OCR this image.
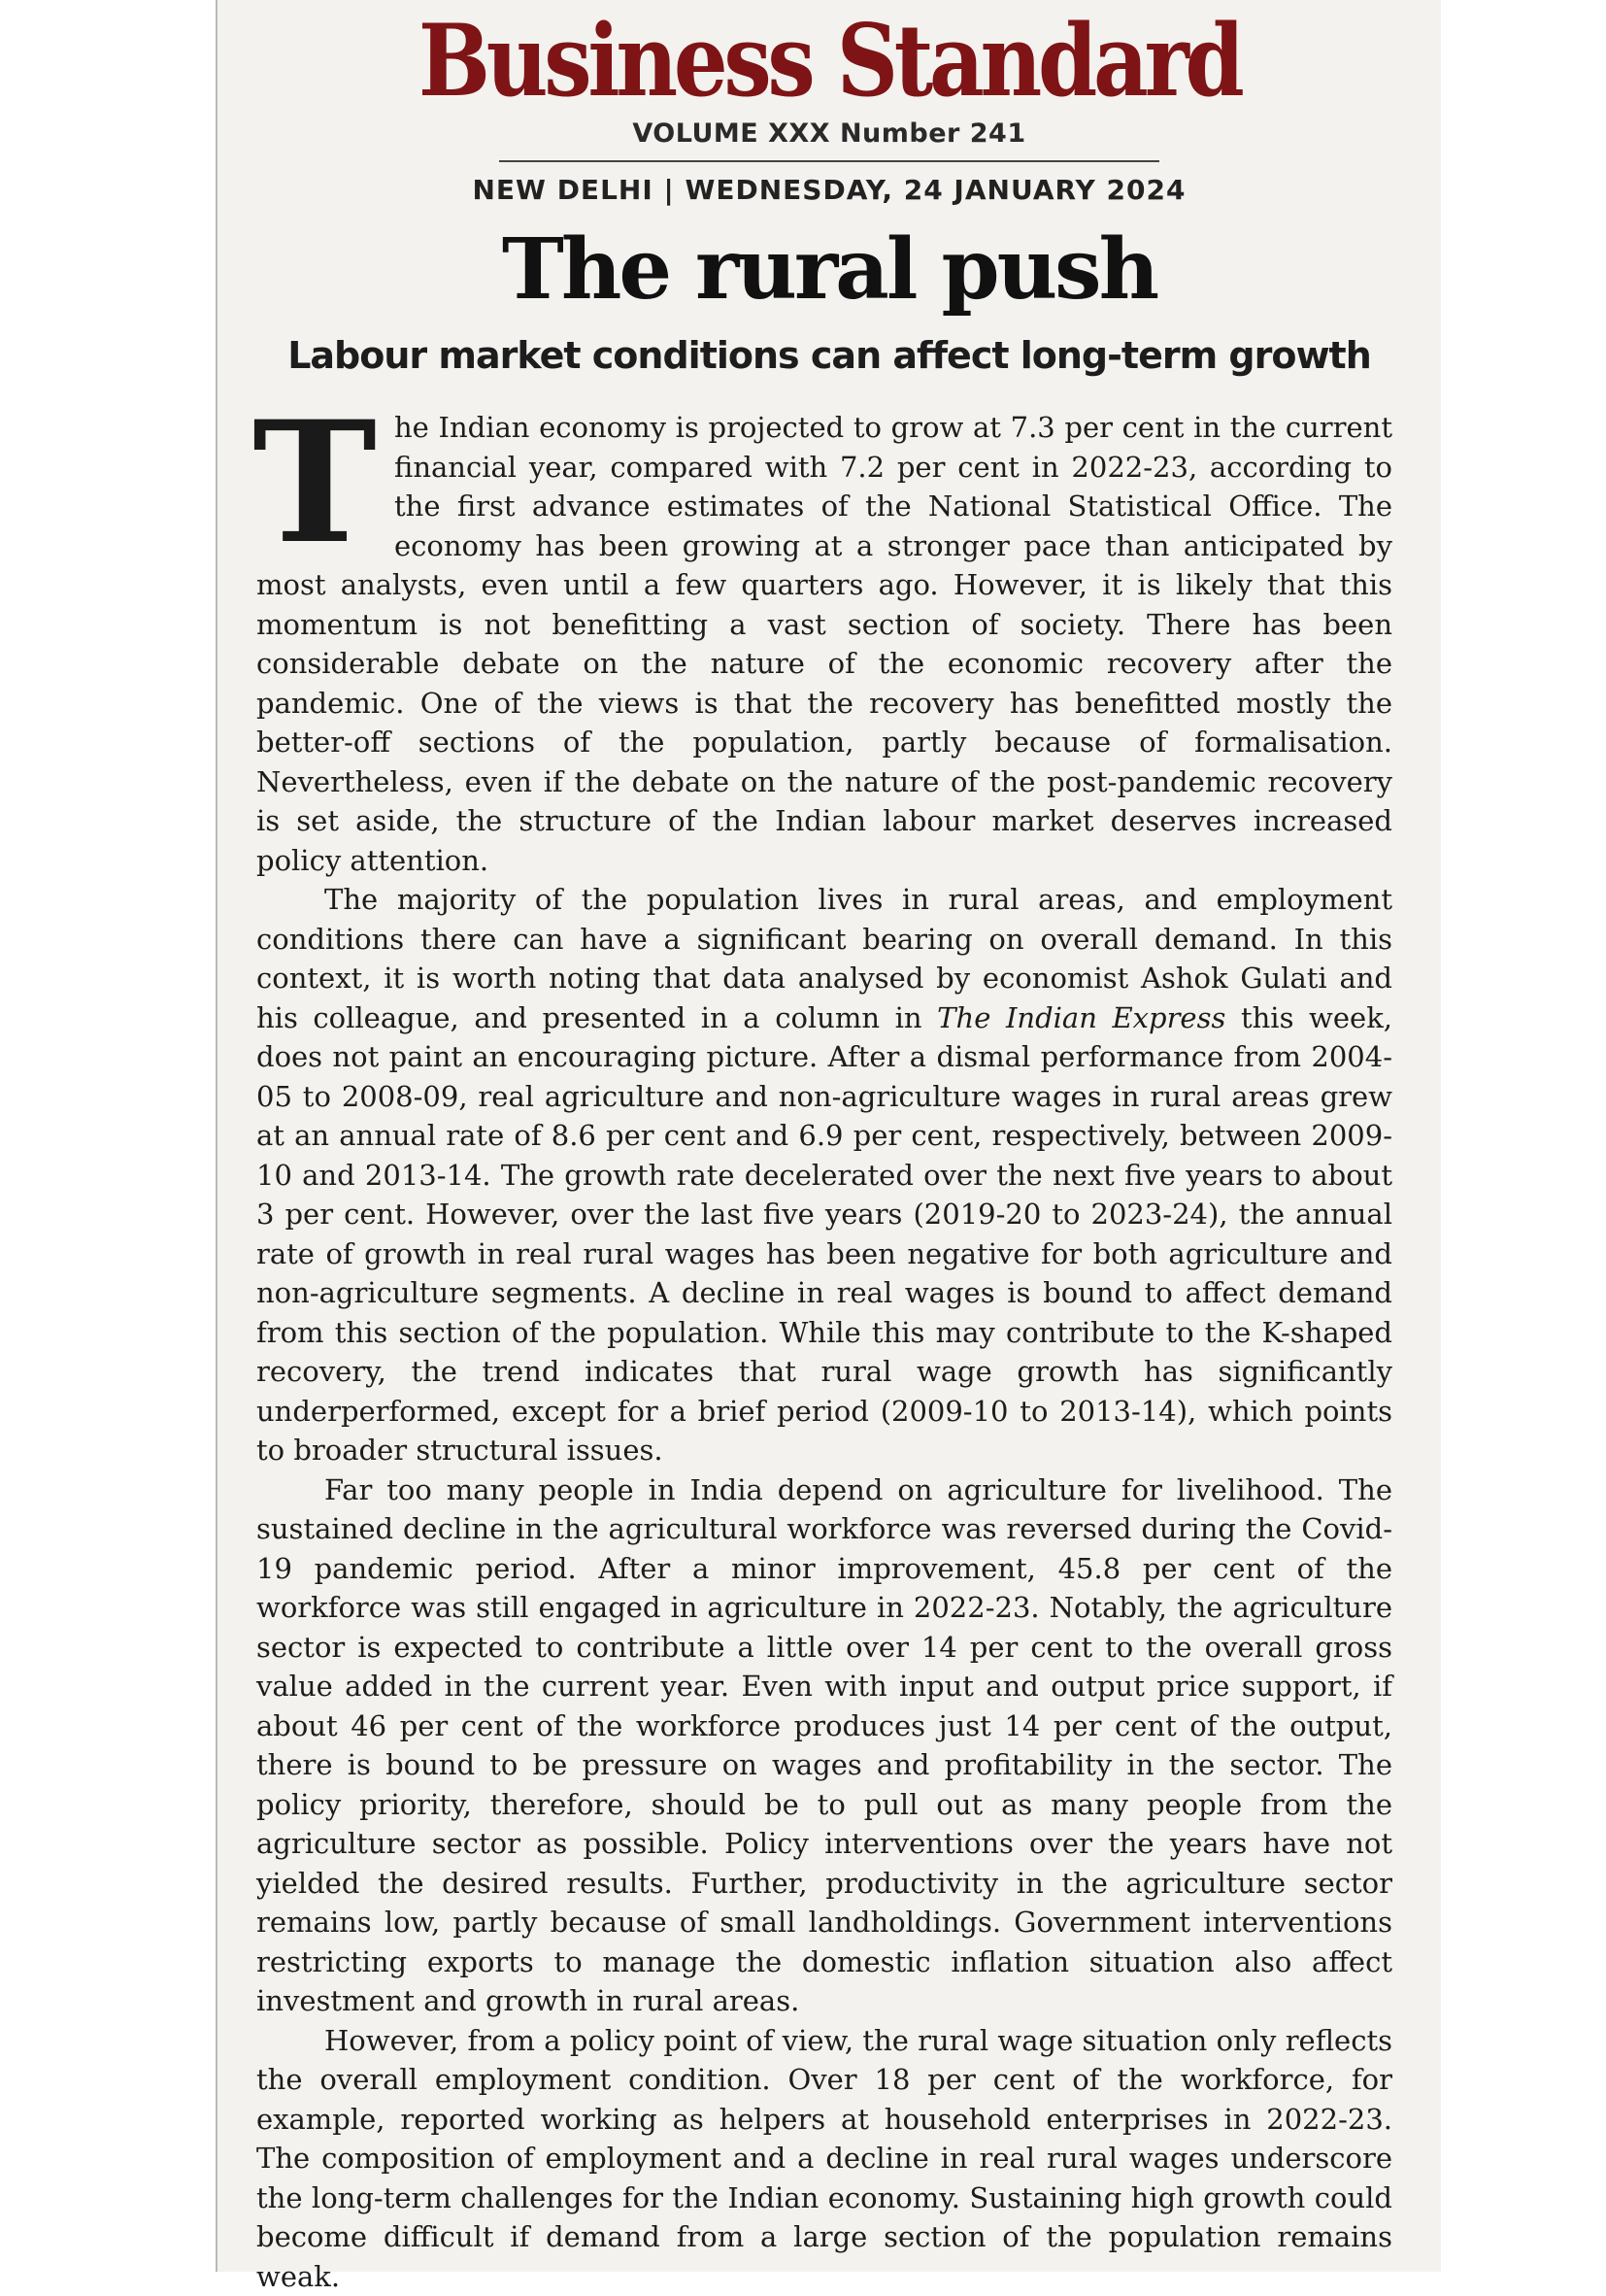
Business Standard
VOLUME XXX Number 241
NEW DELHI | WEDNESDAY, 24 JANUARY 2024
The rural push
Labour market conditions can affect long-term growth

The Indian economy is projected to grow at 7.3 per cent in the current financial year, compared with 7.2 per cent in 2022-23, according to the first advance estimates of the National Statistical Office. The economy has been growing at a stronger pace than anticipated by most analysts, even until a few quarters ago. However, it is likely that this momentum is not benefitting a vast section of society. There has been considerable debate on the nature of the economic recovery after the pandemic. One of the views is that the recovery has benefitted mostly the better-off sections of the population, partly because of formalisation. Nevertheless, even if the debate on the nature of the post-pandemic recovery is set aside, the structure of the Indian labour market deserves increased policy attention.

The majority of the population lives in rural areas, and employment conditions there can have a significant bearing on overall demand. In this context, it is worth noting that data analysed by economist Ashok Gulati and his colleague, and presented in a column in The Indian Express this week, does not paint an encouraging picture. After a dismal performance from 2004-05 to 2008-09, real agriculture and non-agriculture wages in rural areas grew at an annual rate of 8.6 per cent and 6.9 per cent, respectively, between 2009-10 and 2013-14. The growth rate decelerated over the next five years to about 3 per cent. However, over the last five years (2019-20 to 2023-24), the annual rate of growth in real rural wages has been negative for both agriculture and non-agriculture segments. A decline in real wages is bound to affect demand from this section of the population. While this may contribute to the K-shaped recovery, the trend indicates that rural wage growth has significantly underperformed, except for a brief period (2009-10 to 2013-14), which points to broader structural issues.

Far too many people in India depend on agriculture for livelihood. The sustained decline in the agricultural workforce was reversed during the Covid-19 pandemic period. After a minor improvement, 45.8 per cent of the workforce was still engaged in agriculture in 2022-23. Notably, the agriculture sector is expected to contribute a little over 14 per cent to the overall gross value added in the current year. Even with input and output price support, if about 46 per cent of the workforce produces just 14 per cent of the output, there is bound to be pressure on wages and profitability in the sector. The policy priority, therefore, should be to pull out as many people from the agriculture sector as possible. Policy interventions over the years have not yielded the desired results. Further, productivity in the agriculture sector remains low, partly because of small landholdings. Government interventions restricting exports to manage the domestic inflation situation also affect investment and growth in rural areas.

However, from a policy point of view, the rural wage situation only reflects the overall employment condition. Over 18 per cent of the workforce, for example, reported working as helpers at household enterprises in 2022-23. The composition of employment and a decline in real rural wages underscore the long-term challenges for the Indian economy. Sustaining high growth could become difficult if demand from a large section of the population remains weak.
